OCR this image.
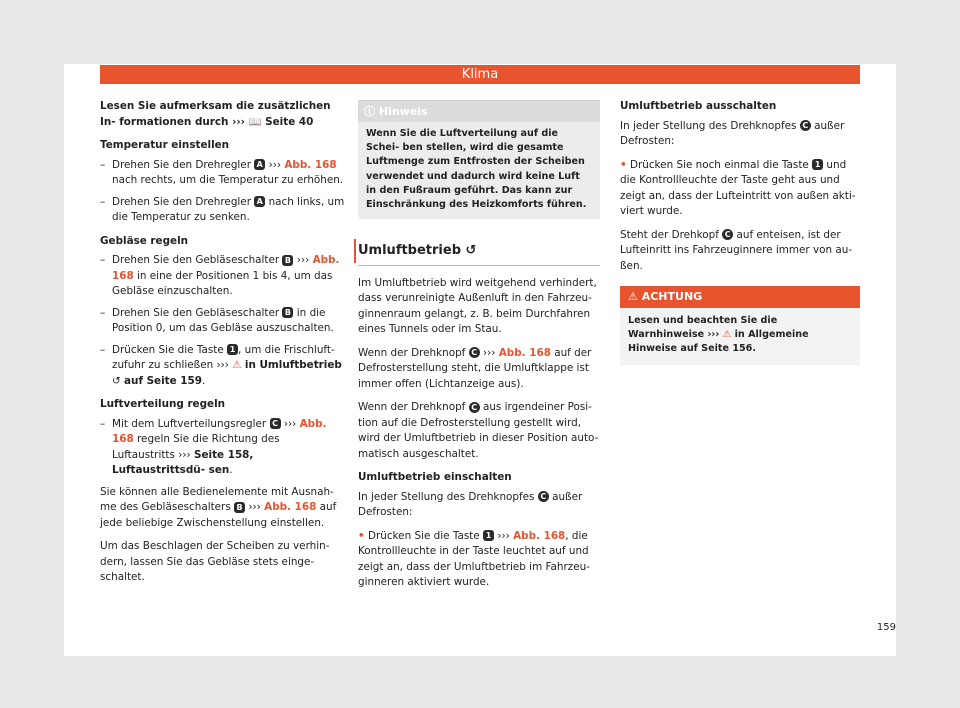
Klima

Lesen Sie aufmerksam die zusätzlichen In- formationen durch ››› 📖 Seite 40

Temperatur einstellen

– Drehen Sie den Drehregler A ››› Abb. 168 nach rechts, um die Temperatur zu erhöhen.
– Drehen Sie den Drehregler A nach links, um die Temperatur zu senken.

Gebläse regeln

– Drehen Sie den Gebläseschalter B ››› Abb. 168 in eine der Positionen 1 bis 4, um das Gebläse einzuschalten.
– Drehen Sie den Gebläseschalter B in die Position 0, um das Gebläse auszuschalten.
– Drücken Sie die Taste 1 , um die Frischluft- zufuhr zu schließen ››› ⚠ in Umluftbetrieb ↺ auf Seite 159.

Luftverteilung regeln

– Mit dem Luftverteilungsregler C ››› Abb. 168 regeln Sie die Richtung des Luftaustritts ››› Seite 158, Luftaustrittsdü- sen.

Sie können alle Bedienelemente mit Ausnah- me des Gebläseschalters B ››› Abb. 168 auf jede beliebige Zwischenstellung einstellen.

Um das Beschlagen der Scheiben zu verhin- dern, lassen Sie das Gebläse stets einge- schaltet.

ⓘ Hinweis
Wenn Sie die Luftverteilung auf die Schei- ben stellen, wird die gesamte Luftmenge zum Entfrosten der Scheiben verwendet und dadurch wird keine Luft in den Fußraum geführt. Das kann zur Einschränkung des Heizkomforts führen.
Umluftbetrieb ↺

Im Umluftbetrieb wird weitgehend verhindert, dass verunreinigte Außenluft in den Fahrzeu- ginnenraum gelangt, z. B. beim Durchfahren eines Tunnels oder im Stau.

Wenn der Drehknopf C ››› Abb. 168 auf der Defrosterstellung steht, die Umluftklappe ist immer offen (Lichtanzeige aus).

Wenn der Drehknopf C aus irgendeiner Posi- tion auf die Defrosterstellung gestellt wird, wird der Umluftbetrieb in dieser Position auto- matisch ausgeschaltet.

Umluftbetrieb einschalten

In jeder Stellung des Drehknopfes C außer Defrosten:

• Drücken Sie die Taste 1 ››› Abb. 168, die Kontrollleuchte in der Taste leuchtet auf und zeigt an, dass der Umluftbetrieb im Fahrzeu- ginneren aktiviert wurde.

Umluftbetrieb ausschalten

In jeder Stellung des Drehknopfes C außer Defrosten:

• Drücken Sie noch einmal die Taste 1 und die Kontrollleuchte der Taste geht aus und zeigt an, dass der Lufteintritt von außen akti- viert wurde.

Steht der Drehkopf C auf enteisen, ist der Lufteinritt ins Fahrzeuginnere immer von au- ßen.

⚠ ACHTUNG
Lesen und beachten Sie die Warnhinweise ››› ⚠ in Allgemeine Hinweise auf Seite 156.
159
